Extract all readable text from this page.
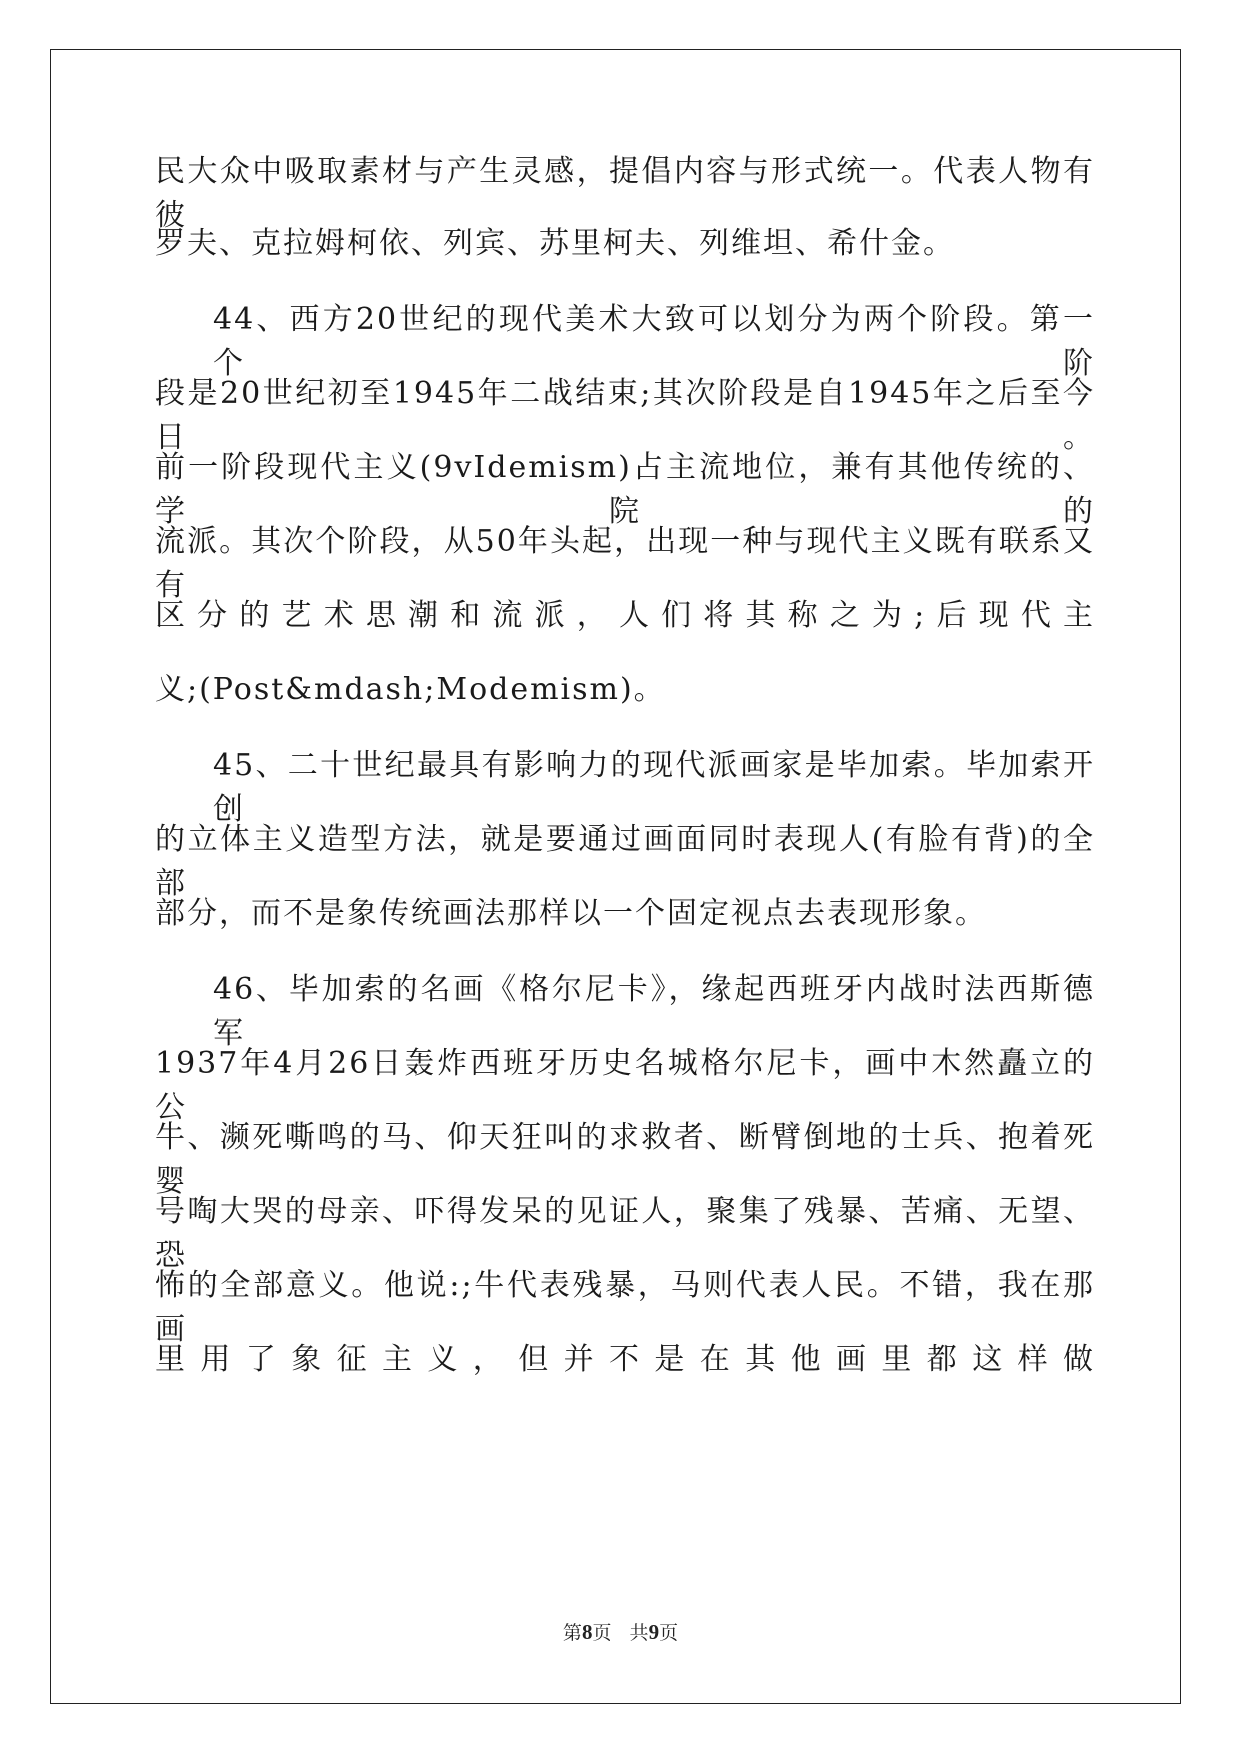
民大众中吸取素材与产生灵感，提倡内容与形式统一。代表人物有彼
罗夫、克拉姆柯依、列宾、苏里柯夫、列维坦、希什金。
44、西方20世纪的现代美术大致可以划分为两个阶段。第一个阶
段是20世纪初至1945年二战结束;其次阶段是自1945年之后至今日。
前一阶段现代主义(9vIdemism)占主流地位，兼有其他传统的、学院的
流派。其次个阶段，从50年头起，出现一种与现代主义既有联系又有
区分的艺术思潮和流派，人们将其称之为;后现代主
义;(Post&mdash;Modemism)。
45、二十世纪最具有影响力的现代派画家是毕加索。毕加索开创
的立体主义造型方法，就是要通过画面同时表现人(有脸有背)的全部
部分，而不是象传统画法那样以一个固定视点去表现形象。
46、毕加索的名画《格尔尼卡》，缘起西班牙内战时法西斯德军
1937年4月26日轰炸西班牙历史名城格尔尼卡，画中木然矗立的公
牛、濒死嘶鸣的马、仰天狂叫的求救者、断臂倒地的士兵、抱着死婴
号啕大哭的母亲、吓得发呆的见证人，聚集了残暴、苦痛、无望、恐
怖的全部意义。他说:;牛代表残暴，马则代表人民。不错，我在那画
里用了象征主义，但并不是在其他画里都这样做
第8页   共9页
